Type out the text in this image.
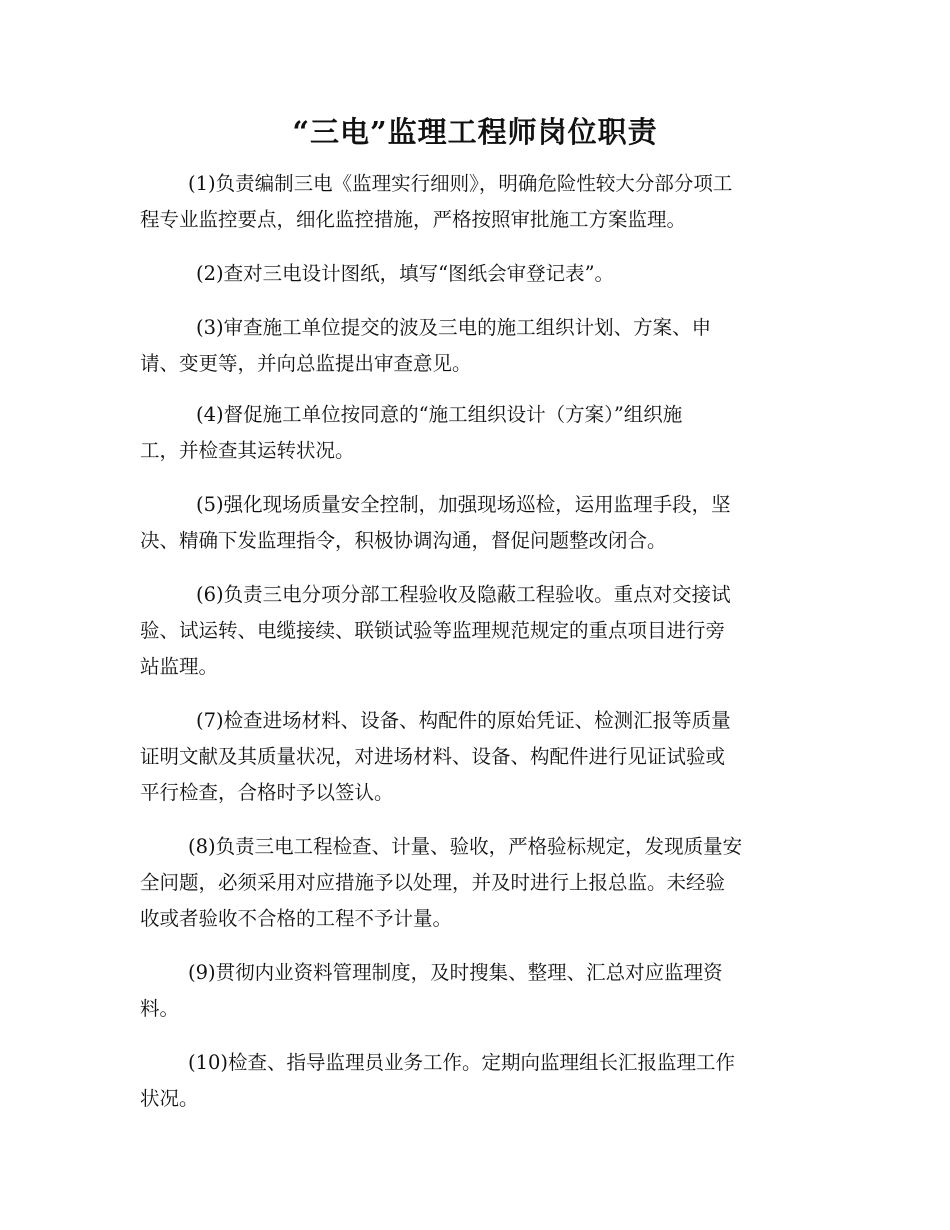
“三电”监理工程师岗位职责
(1)负责编制三电《监理实行细则》，明确危险性较大分部分项工
程专业监控要点，细化监控措施，严格按照审批施工方案监理。
(2)查对三电设计图纸，填写“图纸会审登记表”。
(3)审查施工单位提交的波及三电的施工组织计划、方案、申
请、变更等，并向总监提出审查意见。
(4)督促施工单位按同意的“施工组织设计（方案）”组织施
工，并检查其运转状况。
(5)强化现场质量安全控制，加强现场巡检，运用监理手段，坚
决、精确下发监理指令，积极协调沟通，督促问题整改闭合。
(6)负责三电分项分部工程验收及隐蔽工程验收。重点对交接试
验、试运转、电缆接续、联锁试验等监理规范规定的重点项目进行旁
站监理。
(7)检查进场材料、设备、构配件的原始凭证、检测汇报等质量
证明文献及其质量状况，对进场材料、设备、构配件进行见证试验或
平行检查，合格时予以签认。
(8)负责三电工程检查、计量、验收，严格验标规定，发现质量安
全问题，必须采用对应措施予以处理，并及时进行上报总监。未经验
收或者验收不合格的工程不予计量。
(9)贯彻内业资料管理制度，及时搜集、整理、汇总对应监理资
料。
(10)检查、指导监理员业务工作。定期向监理组长汇报监理工作
状况。
